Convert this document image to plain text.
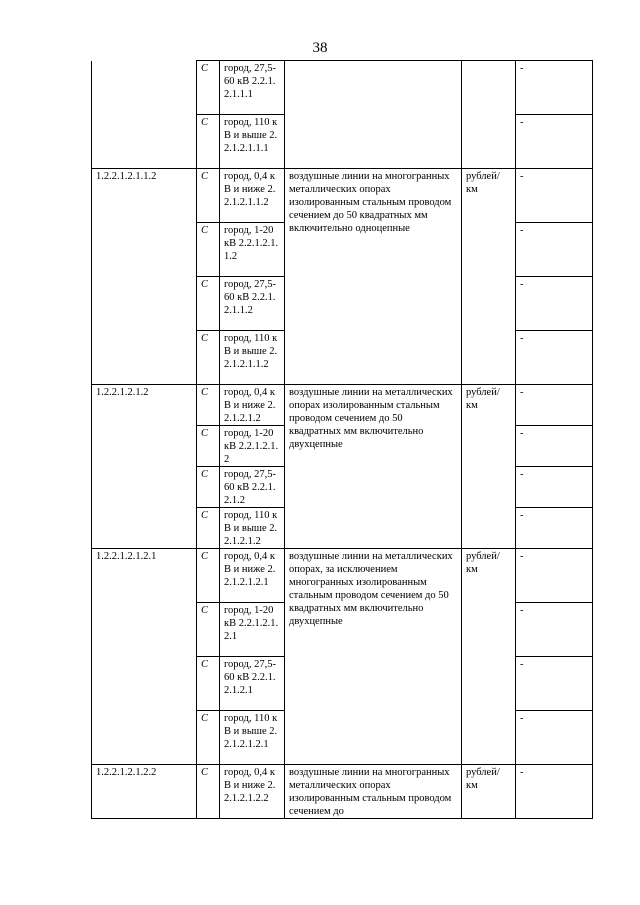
38
	С	город, 27,5-60 кВ 2.2.1.2.1.1.1			-
	С	город, 110 кВ и выше 2.2.1.2.1.1.1			-
1.2.2.1.2.1.1.2	С	город, 0,4 кВ и ниже 2.2.1.2.1.1.2	воздушные линии на многогранных металлических опорах изолированным стальным проводом сечением до 50 квадратных мм включительно одноцепные	рублей/км	-
	С	город, 1-20 кВ 2.2.1.2.1.1.2			-
	С	город, 27,5-60 кВ 2.2.1.2.1.1.2			-
	С	город, 110 кВ и выше 2.2.1.2.1.1.2			-
1.2.2.1.2.1.2	С	город, 0,4 кВ и ниже 2.2.1.2.1.2	воздушные линии на металлических опорах изолированным стальным проводом сечением до 50 квадратных мм включительно двухцепные	рублей/км	-
	С	город, 1-20 кВ 2.2.1.2.1.2			-
	С	город, 27,5-60 кВ 2.2.1.2.1.2			-
	С	город, 110 кВ и выше 2.2.1.2.1.2			-
1.2.2.1.2.1.2.1	С	город, 0,4 кВ и ниже 2.2.1.2.1.2.1	воздушные линии на металлических опорах, за исключением многогранных изолированным стальным проводом сечением до 50 квадратных мм включительно двухцепные	рублей/км	-
	С	город, 1-20 кВ 2.2.1.2.1.2.1			-
	С	город, 27,5-60 кВ 2.2.1.2.1.2.1			-
	С	город, 110 кВ и выше 2.2.1.2.1.2.1			-
1.2.2.1.2.1.2.2	С	город, 0,4 кВ и ниже 2.2.1.2.1.2.2	воздушные линии на многогранных металлических опорах изолированным стальным проводом сечением до	рублей/км	-
